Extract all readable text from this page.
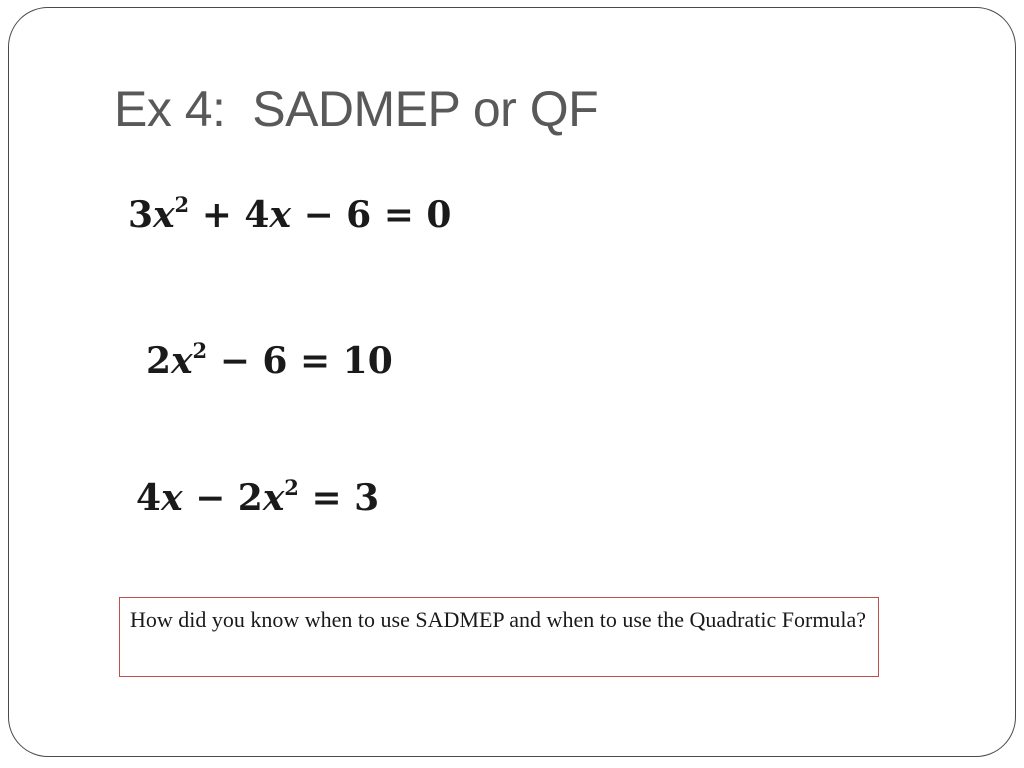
Ex 4:  SADMEP or QF
$3x^2 + 4x - 6 = 0$
$2x^2 - 6 = 10$
$4x - 2x^2 = 3$
How did you know when to use SADMEP and when to use the Quadratic Formula?
